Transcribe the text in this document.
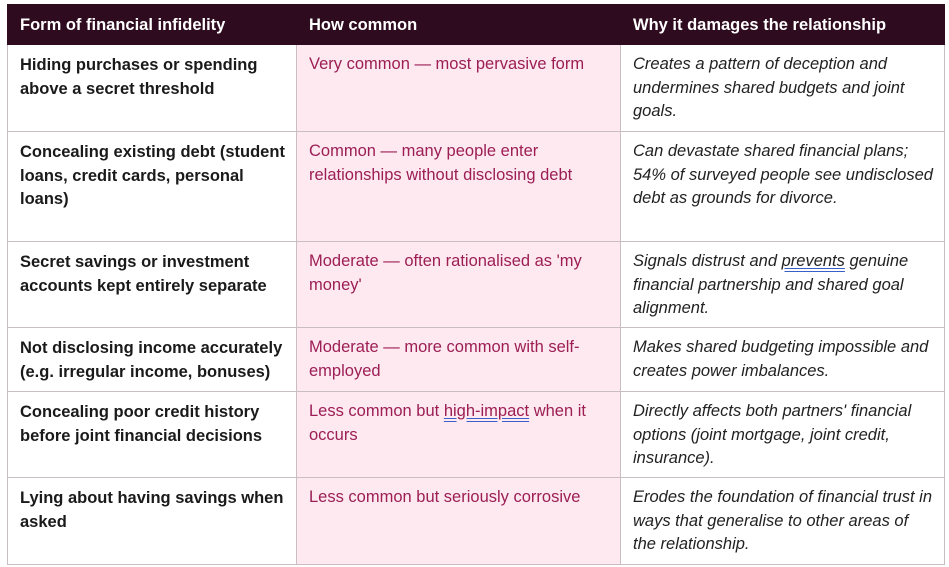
Form of financial infidelity	How common	Why it damages the relationship
Hiding purchases or spending above a secret threshold	Very common — most pervasive form	Creates a pattern of deception and undermines shared budgets and joint goals.
Concealing existing debt (student loans, credit cards, personal loans)	Common — many people enter relationships without disclosing debt	Can devastate shared financial plans; 54% of surveyed people see undisclosed debt as grounds for divorce.
Secret savings or investment accounts kept entirely separate	Moderate — often rationalised as 'my money'	Signals distrust and prevents genuine financial partnership and shared goal alignment.
Not disclosing income accurately (e.g. irregular income, bonuses)	Moderate — more common with self-employed	Makes shared budgeting impossible and creates power imbalances.
Concealing poor credit history before joint financial decisions	Less common but high-impact when it occurs	Directly affects both partners' financial options (joint mortgage, joint credit, insurance).
Lying about having savings when asked	Less common but seriously corrosive	Erodes the foundation of financial trust in ways that generalise to other areas of the relationship.
